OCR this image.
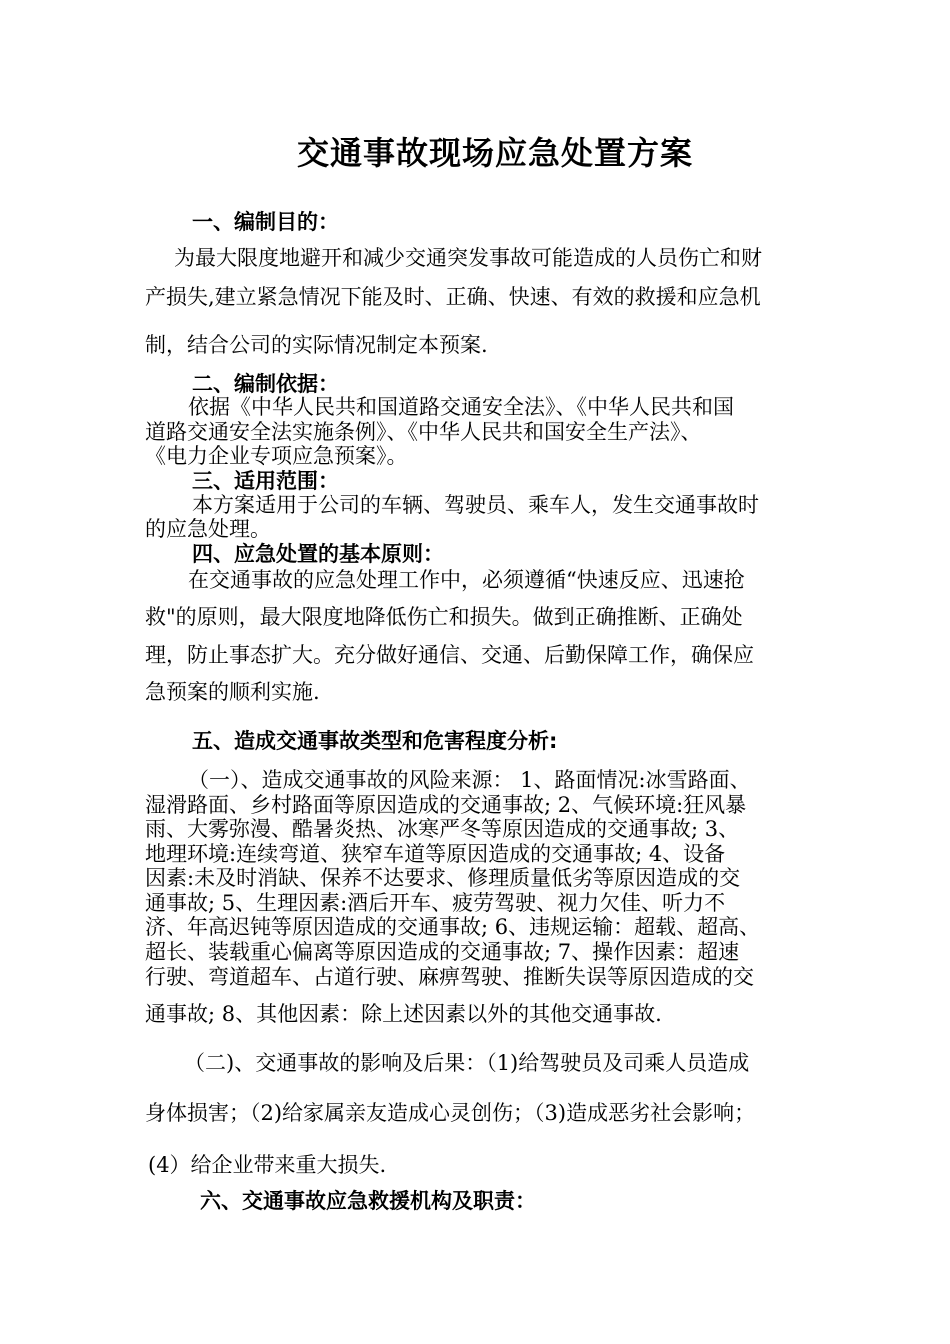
交通事故现场应急处置方案
一、编制目的：
为最大限度地避开和减少交通突发事故可能造成的人员伤亡和财
产损失,建立紧急情况下能及时、正确、快速、有效的救援和应急机
制，结合公司的实际情况制定本预案.
二、编制依据：
依据《中华人民共和国道路交通安全法》、《中华人民共和国
道路交通安全法实施条例》、《中华人民共和国安全生产法》、
《电力企业专项应急预案》。
三、适用范围：
本方案适用于公司的车辆、驾驶员、乘车人，发生交通事故时
的应急处理。
四、应急处置的基本原则：
在交通事故的应急处理工作中，必须遵循“快速反应、迅速抢
救"的原则，最大限度地降低伤亡和损失。做到正确推断、正确处
理，防止事态扩大。充分做好通信、交通、后勤保障工作，确保应
急预案的顺利实施.
五、造成交通事故类型和危害程度分析:
（一）、造成交通事故的风险来源： 1、路面情况:冰雪路面、
湿滑路面、乡村路面等原因造成的交通事故; 2、气候环境:狂风暴
雨、大雾弥漫、酷暑炎热、冰寒严冬等原因造成的交通事故; 3、
地理环境:连续弯道、狭窄车道等原因造成的交通事故; 4、设备
因素:未及时消缺、保养不达要求、修理质量低劣等原因造成的交
通事故; 5、生理因素:酒后开车、疲劳驾驶、视力欠佳、听力不
济、年高迟钝等原因造成的交通事故; 6、违规运输：超载、超高、
超长、装载重心偏离等原因造成的交通事故; 7、操作因素：超速
行驶、弯道超车、占道行驶、麻痹驾驶、推断失误等原因造成的交
通事故; 8、其他因素：除上述因素以外的其他交通事故.
（二)、交通事故的影响及后果：（1)给驾驶员及司乘人员造成
身体损害；（2)给家属亲友造成心灵创伤；（3)造成恶劣社会影响；
(4）给企业带来重大损失.
六、交通事故应急救援机构及职责：
